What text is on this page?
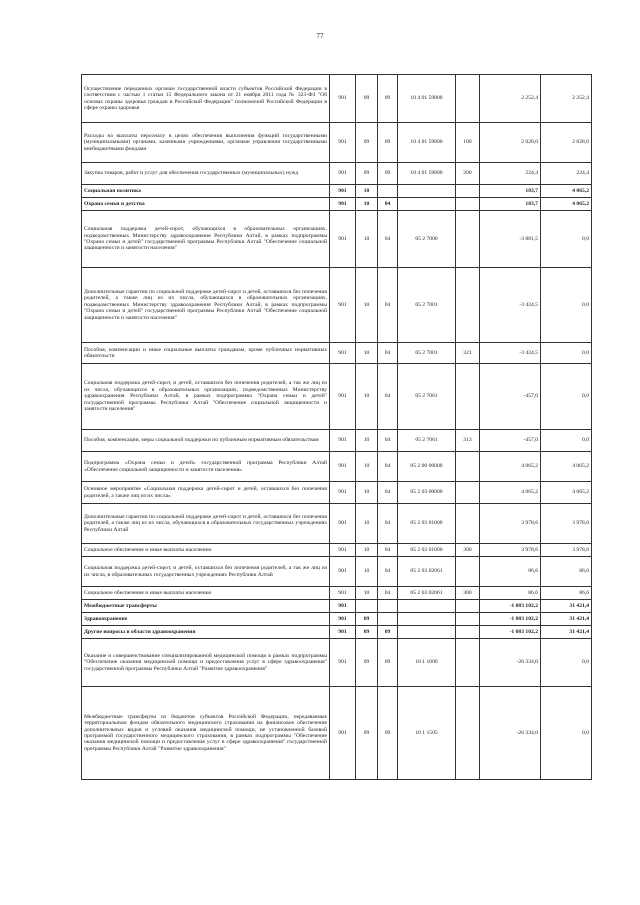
77
Осуществление переданных органам государственной власти субъектов Российской Федерации в соответствии с частью 1 статьи 15 Федерального закона от 21 ноября 2011 года № 323-ФЗ "Об основах охраны здоровья граждан в Российской Федерации" полномочий Российской Федерации в сфере охраны здоровья	901	09	09	10 4 01 59800		2 252,4	2 252,4
Расходы на выплаты персоналу в целях обеспечения выполнения функций государственными (муниципальными) органами, казенными учреждениями, органами управления государственными внебюджетными фондами	901	09	09	10 4 01 59800	100	2 028,0	2 028,0
Закупка товаров, работ и услуг для обеспечения государственных (муниципальных) нужд	901	09	09	10 4 01 59800	200	224,4	224,4
Социальная политика	901	10				183,7	4 065,2
Охрана семьи и детства	901	10	04			183,7	4 065,2
Социальная поддержка детей-сирот, обучающихся в образовательных организациях, подведомственных Министерству здравоохранения Республики Алтай, в рамках подпрограммы "Охрана семьи и детей" государственной программы Республики Алтай "Обеспечение социальной защищенности и занятости населения"	901	10	04	05 2 7000		-3 881,5	0,0
Дополнительные гарантии по социальной поддержке детей-сирот и детей, оставшихся без попечения родителей, а также лиц из их числа, обучающихся в образовательных организациях, подведомственных Министерству здравоохранения Республики Алтай, в рамках подпрограммы "Охрана семьи и детей" государственной программы Республики Алтай "Обеспечение социальной защищенности и занятости населения"	901	10	04	05 2 7001		-3 424,5	0,0
Пособия, компенсации и иные социальные выплаты гражданам, кроме публичных нормативных обязательств	901	10	04	05 2 7001	321	-3 424,5	0,0
Социальная поддержка детей-сирот, и детей, оставшихся без попечения родителей, а так же лиц из их числа, обучающихся в образовательных организациях, подведомственных Министерству здравоохранения Республики Алтай, в рамках подпрограммы "Охрана семьи и детей" государственной программы Республики Алтай "Обеспечение социальной защищенности и занятости населения"	901	10	04	05 2 7061		-457,0	0,0
Пособия, компенсации, меры социальной поддержки по публичным нормативным обязательствам	901	10	04	05 2 7061	313	-457,0	0,0
Подпрограмма «Охрана семьи и детей» государственной программа Республики Алтай «Обеспечение социальной защищенности и занятости населения»	901	10	04	05 2 00 00000		4 065,2	4 065,2
Основное мероприятие «Социальная поддержка детей-сирот и детей, оставшихся без попечения родителей, а также лиц из их числа»	901	10	04	05 2 03 00000		4 065,2	4 065,2
Дополнительные гарантии по социальной поддержке детей-сирот и детей, оставшихся без попечения родителей, а также лиц из их числа, обучающихся в образовательных государственных учреждениях Республики Алтай	901	10	04	05 2 03 01000		3 978,6	3 978,6
Социальное обеспечение и иные выплаты населению	901	10	04	05 2 03 01000	300	3 978,6	3 978,6
Социальная поддержка детей-сирот, и детей, оставшихся без попечения родителей, а так же лиц из их числа, в образовательных государственных учреждениях Республики Алтай	901	10	04	05 2 03 02061		86,6	86,6
Социальное обеспечение и иные выплаты населению	901	10	04	05 2 03 02061	300	86,6	86,6
Межбюджетные трансферты	901					-1 083 102,2	31 421,4
Здравоохранение	901	09				-1 083 102,2	31 421,4
Другие вопросы в области здравоохранения	901	09	09			-1 083 102,2	31 421,4
Оказание и совершенствование специализированной медицинской помощи в рамках подпрограммы "Обеспечение оказания медицинской помощи и предоставления услуг в сфере здравоохранения" государственной программы Республики Алтай "Развитие здравоохранения"	901	09	09	10 1 1000		-26 334,0	0,0
Межбюджетные трансферты из бюджетов субъектов Российской Федерации, передаваемые территориальным фондам обязательного медицинского страхования на финансовое обеспечение дополнительных видов и условий оказания медицинской помощи, не установленной базовой программой государственного медицинского страхования, в рамках подпрограммы "Обеспечение оказания медицинской помощи и предоставления услуг в сфере здравоохранения" государственной программы Республики Алтай "Развитие здравоохранения"	901	09	09	10 1 1505		-26 334,0	0,0
